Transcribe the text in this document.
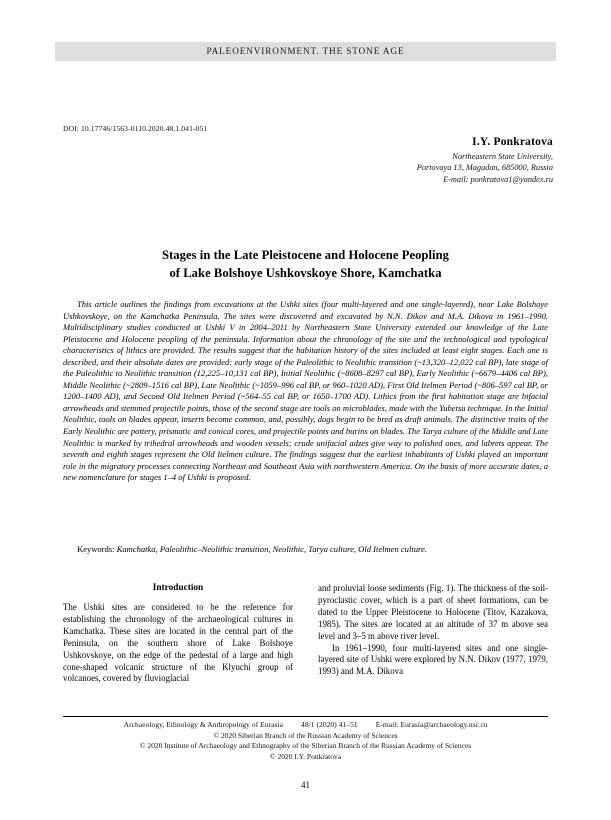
PALEOENVIRONMENT. THE STONE AGE
DOI: 10.17746/1563-0110.2020.48.1.041-051
I.Y. Ponkratova
Northeastern State University,
Portovaya 13, Magadan, 685000, Russia
E-mail: ponkratova1@yandex.ru
Stages in the Late Pleistocene and Holocene Peopling
of Lake Bolshoye Ushkovskoye Shore, Kamchatka
This article outlines the findings from excavations at the Ushki sites (four multi-layered and one single-layered), near Lake Bolshoye Ushkovskoye, on the Kamchatka Peninsula. The sites were discovered and excavated by N.N. Dikov and M.A. Dikova in 1961–1990. Multidisciplinary studies conducted at Ushki V in 2004–2011 by Northeastern State University extended our knowledge of the Late Pleistocene and Holocene peopling of the peninsula. Information about the chronology of the site and the technological and typological characteristics of lithics are provided. The results suggest that the habitation history of the sites included at least eight stages. Each one is described, and their absolute dates are provided: early stage of the Paleolithic to Neolithic transition (~13,320–12,022 cal BP), late stage of the Paleolithic to Neolithic transition (12,225–10,131 cal BP), Initial Neolithic (~8608–8297 cal BP), Early Neolithic (~6679–4406 cal BP), Middle Neolithic (~2809–1516 cal BP), Late Neolithic (~1059–996 cal BP, or 960–1020 AD), First Old Itelmen Period (~806–597 cal BP, or 1200–1400 AD), and Second Old Itelmen Period (~564–55 cal BP, or 1650–1700 AD). Lithics from the first habitation stage are bifacial arrowheads and stemmed projectile points, those of the second stage are tools on microblades, made with the Yubetsu technique. In the Initial Neolithic, tools on blades appear, inserts become common, and, possibly, dogs begin to be bred as draft animals. The distinctive traits of the Early Neolithic are pottery, prismatic and conical cores, and projectile points and burins on blades. The Tarya culture of the Middle and Late Neolithic is marked by trihedral arrowheads and wooden vessels; crude unifacial adzes give way to polished ones, and labrets appear. The seventh and eighth stages represent the Old Itelmen culture. The findings suggest that the earliest inhabitants of Ushki played an important role in the migratory processes connecting Northeast and Southeast Asia with northwestern America. On the basis of more accurate dates, a new nomenclature for stages 1–4 of Ushki is proposed.
Keywords: Kamchatka, Paleolithic–Neolithic transition, Neolithic, Tarya culture, Old Itelmen culture.
Introduction

The Ushki sites are considered to be the reference for establishing the chronology of the archaeological cultures in Kamchatka. These sites are located in the central part of the Peninsula, on the southern shore of Lake Bolshoye Ushkovskoye, on the edge of the pedestal of a large and high cone-shaped volcanic structure of the Klyuchi group of volcanoes, covered by fluvioglacial

and proluvial loose sediments (Fig. 1). The thickness of the soil-pyroclastic cover, which is a part of sheet formations, can be dated to the Upper Pleistocene to Holocene (Titov, Kazakova, 1985). The sites are located at an altitude of 37 m above sea level and 3–5 m above river level.

In 1961–1990, four multi-layered sites and one single-layered site of Ushki were explored by N.N. Dikov (1977, 1979, 1993) and M.A. Dikova

Archaeology, Ethnology & Anthropology of Eurasia 48/1 (2020) 41–51 E-mail: Eurasia@archaeology.nsc.ru
© 2020 Siberian Branch of the Russian Academy of Sciences
© 2020 Institute of Archaeology and Ethnography of the Siberian Branch of the Russian Academy of Sciences
© 2020 I.Y. Ponkratova
41
